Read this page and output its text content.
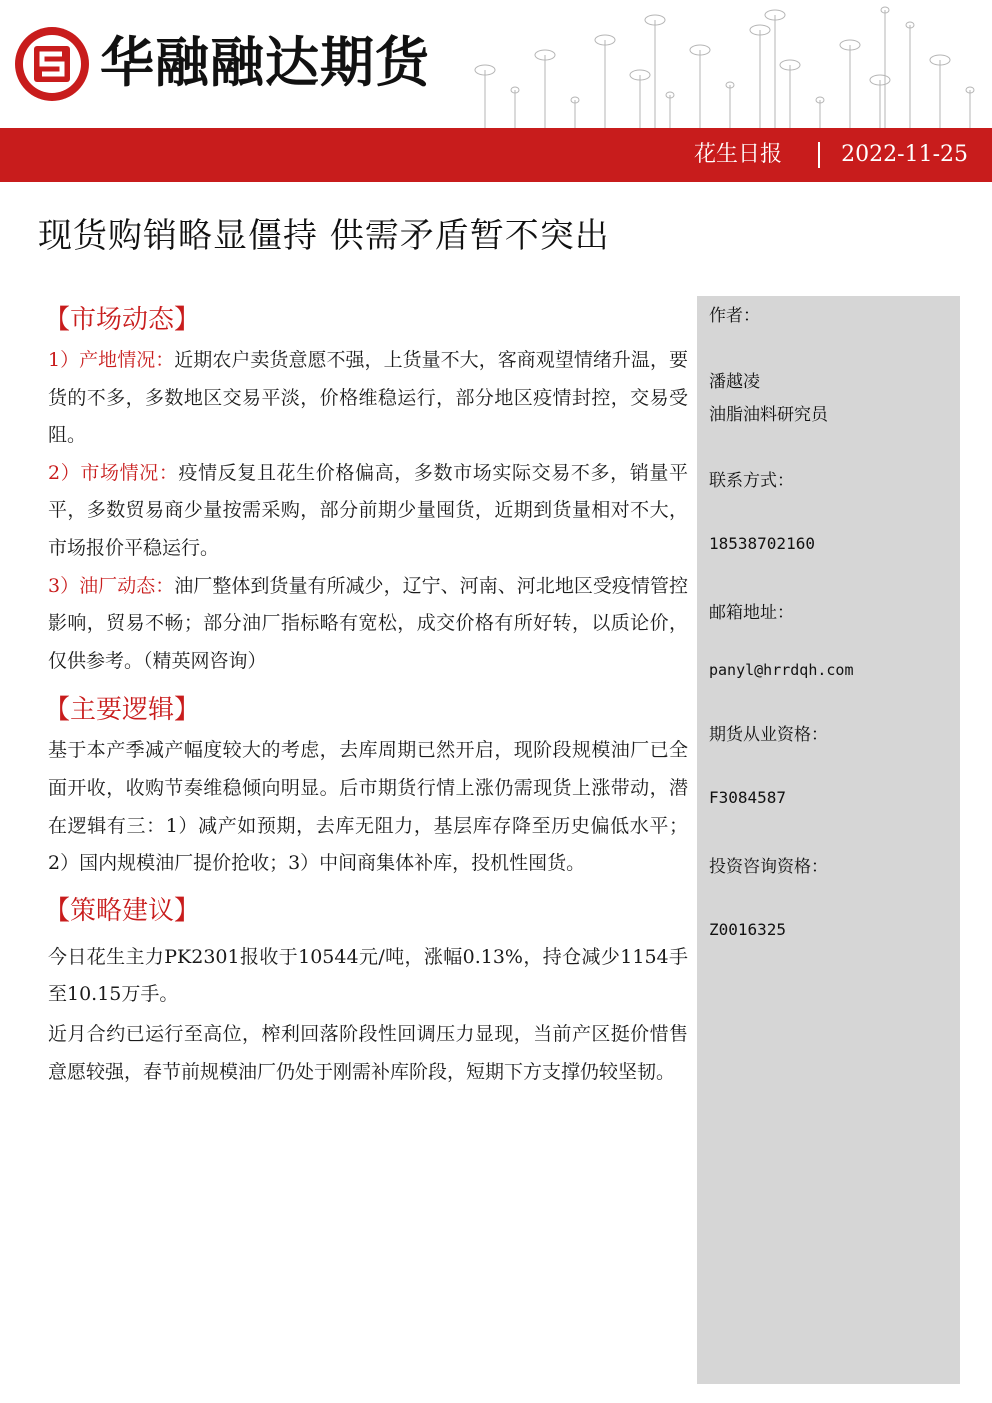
华融融达期货
花生日报	2022-11-25
现货购销略显僵持 供需矛盾暂不突出
【市场动态】

1）产地情况：近期农户卖货意愿不强，上货量不大，客商观望情绪升温，要货的不多，多数地区交易平淡，价格维稳运行，部分地区疫情封控，交易受阻。

2）市场情况：疫情反复且花生价格偏高，多数市场实际交易不多，销量平平，多数贸易商少量按需采购，部分前期少量囤货，近期到货量相对不大，市场报价平稳运行。

3）油厂动态：油厂整体到货量有所减少，辽宁、河南、河北地区受疫情管控影响，贸易不畅；部分油厂指标略有宽松，成交价格有所好转，以质论价，仅供参考。（精英网咨询）

【主要逻辑】

基于本产季减产幅度较大的考虑，去库周期已然开启，现阶段规模油厂已全面开收，收购节奏维稳倾向明显。后市期货行情上涨仍需现货上涨带动，潜在逻辑有三：1）减产如预期，去库无阻力，基层库存降至历史偏低水平；2）国内规模油厂提价抢收；3）中间商集体补库，投机性囤货。

【策略建议】

今日花生主力PK2301报收于10544元/吨，涨幅0.13%，持仓减少1154手至10.15万手。

近月合约已运行至高位，榨利回落阶段性回调压力显现，当前产区挺价惜售意愿较强，春节前规模油厂仍处于刚需补库阶段，短期下方支撑仍较坚韧。

作者：
潘越凌
油脂油料研究员
联系方式：
18538702160
邮箱地址：
panyl@hrrdqh.com
期货从业资格：
F3084587
投资咨询资格：
Z0016325
